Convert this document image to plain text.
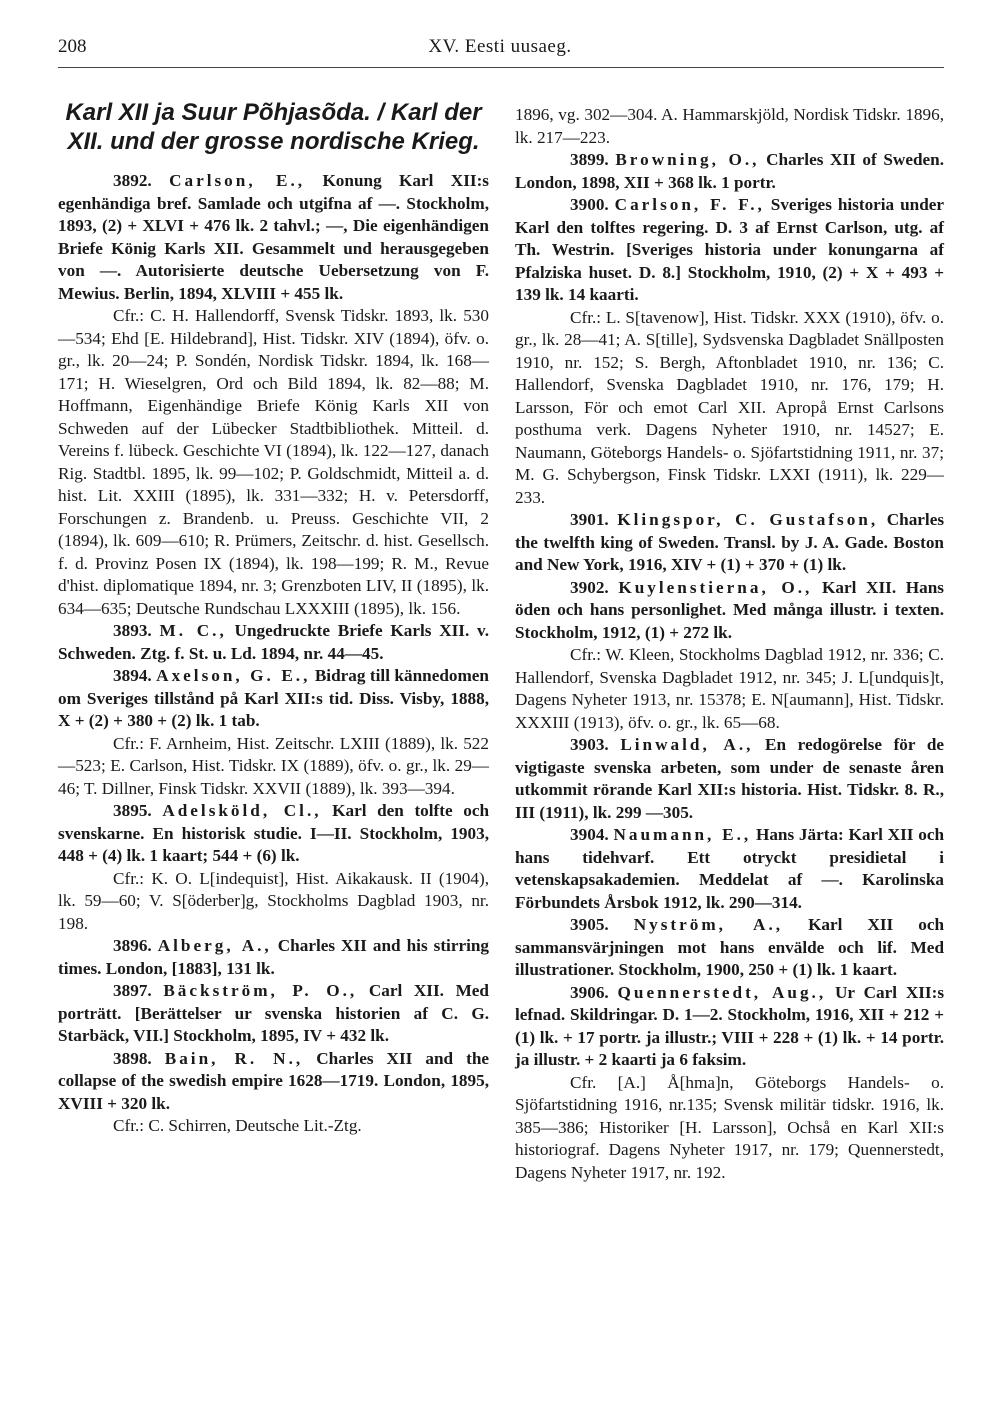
208	XV. Eesti uusaeg.
Karl XII ja Suur Põhjasõda. / Karl der XII. und der grosse nordische Krieg.

3892. Carlson, E., Konung Karl XII:s egenhändiga bref. Samlade och utgifna af —. Stockholm, 1893, (2) + XLVI + 476 lk. 2 tahvl.; —, Die eigenhändigen Briefe König Karls XII. Gesammelt und herausgegeben von —. Autorisierte deutsche Uebersetzung von F. Mewius. Berlin, 1894, XLVIII + 455 lk.

Cfr.: C. H. Hallendorff, Svensk Tidskr. 1893, lk. 530—534; Ehd [E. Hildebrand], Hist. Tidskr. XIV (1894), öfv. o. gr., lk. 20—24; P. Sondén, Nordisk Tidskr. 1894, lk. 168—171; H. Wieselgren, Ord och Bild 1894, lk. 82—88; M. Hoffmann, Eigenhändige Briefe König Karls XII von Schweden auf der Lübecker Stadtbibliothek. Mitteil. d. Vereins f. lübeck. Geschichte VI (1894), lk. 122—127, danach Rig. Stadtbl. 1895, lk. 99—102; P. Goldschmidt, Mitteil a. d. hist. Lit. XXIII (1895), lk. 331—332; H. v. Petersdorff, Forschungen z. Brandenb. u. Preuss. Geschichte VII, 2 (1894), lk. 609—610; R. Prümers, Zeitschr. d. hist. Gesellsch. f. d. Provinz Posen IX (1894), lk. 198—199; R. M., Revue d'hist. diplomatique 1894, nr. 3; Grenzboten LIV, II (1895), lk. 634—635; Deutsche Rundschau LXXXIII (1895), lk. 156.

3893. M. C., Ungedruckte Briefe Karls XII. v. Schweden. Ztg. f. St. u. Ld. 1894, nr. 44—45.

3894. Axelson, G. E., Bidrag till kännedomen om Sveriges tillstånd på Karl XII:s tid. Diss. Visby, 1888, X + (2) + 380 + (2) lk. 1 tab.

Cfr.: F. Arnheim, Hist. Zeitschr. LXIII (1889), lk. 522—523; E. Carlson, Hist. Tidskr. IX (1889), öfv. o. gr., lk. 29—46; T. Dillner, Finsk Tidskr. XXVII (1889), lk. 393—394.

3895. Adelsköld, Cl., Karl den tolfte och svenskarne. En historisk studie. I—II. Stockholm, 1903, 448 + (4) lk. 1 kaart; 544 + (6) lk.

Cfr.: K. O. L[indequist], Hist. Aikakausk. II (1904), lk. 59—60; V. S[öderber]g, Stockholms Dagblad 1903, nr. 198.

3896. Alberg, A., Charles XII and his stirring times. London, [1883], 131 lk.

3897. Bäckström, P. O., Carl XII. Med porträtt. [Berättelser ur svenska historien af C. G. Starbäck, VII.] Stockholm, 1895, IV + 432 lk.

3898. Bain, R. N., Charles XII and the collapse of the swedish empire 1628—1719. London, 1895, XVIII + 320 lk.

Cfr.: C. Schirren, Deutsche Lit.-Ztg.

1896, vg. 302—304. A. Hammarskjöld, Nordisk Tidskr. 1896, lk. 217—223.

3899. Browning, O., Charles XII of Sweden. London, 1898, XII + 368 lk. 1 portr.

3900. Carlson, F. F., Sveriges historia under Karl den tolftes regering. D. 3 af Ernst Carlson, utg. af Th. Westrin. [Sveriges historia under konungarna af Pfalziska huset. D. 8.] Stockholm, 1910, (2) + X + 493 + 139 lk. 14 kaarti.

Cfr.: L. S[tavenow], Hist. Tidskr. XXX (1910), öfv. o. gr., lk. 28—41; A. S[tille], Sydsvenska Dagbladet Snällposten 1910, nr. 152; S. Bergh, Aftonbladet 1910, nr. 136; C. Hallendorf, Svenska Dagbladet 1910, nr. 176, 179; H. Larsson, För och emot Carl XII. Apropå Ernst Carlsons posthuma verk. Dagens Nyheter 1910, nr. 14527; E. Naumann, Göteborgs Handels- o. Sjöfartstidning 1911, nr. 37; M. G. Schybergson, Finsk Tidskr. LXXI (1911), lk. 229—233.

3901. Klingspor, C. Gustafson, Charles the twelfth king of Sweden. Transl. by J. A. Gade. Boston and New York, 1916, XIV + (1) + 370 + (1) lk.

3902. Kuylenstierna, O., Karl XII. Hans öden och hans personlighet. Med många illustr. i texten. Stockholm, 1912, (1) + 272 lk.

Cfr.: W. Kleen, Stockholms Dagblad 1912, nr. 336; C. Hallendorf, Svenska Dagbladet 1912, nr. 345; J. L[undquis]t, Dagens Nyheter 1913, nr. 15378; E. N[aumann], Hist. Tidskr. XXXIII (1913), öfv. o. gr., lk. 65—68.

3903. Linwald, A., En redogörelse för de vigtigaste svenska arbeten, som under de senaste åren utkommit rörande Karl XII:s historia. Hist. Tidskr. 8. R., III (1911), lk. 299 —305.

3904. Naumann, E., Hans Järta: Karl XII och hans tidehvarf. Ett otryckt presidietal i vetenskapsakademien. Meddelat af —. Karolinska Förbundets Årsbok 1912, lk. 290—314.

3905. Nyström, A., Karl XII och sammansvärjningen mot hans envälde och lif. Med illustrationer. Stockholm, 1900, 250 + (1) lk. 1 kaart.

3906. Quennerstedt, Aug., Ur Carl XII:s lefnad. Skildringar. D. 1—2. Stockholm, 1916, XII + 212 + (1) lk. + 17 portr. ja illustr.; VIII + 228 + (1) lk. + 14 portr. ja illustr. + 2 kaarti ja 6 faksim.

Cfr. [A.] Å[hma]n, Göteborgs Handels- o. Sjöfartstidning 1916, nr.135; Svensk militär tidskr. 1916, lk. 385—386; Historiker [H. Larsson], Ochså en Karl XII:s historiograf. Dagens Nyheter 1917, nr. 179; Quennerstedt, Dagens Nyheter 1917, nr. 192.
